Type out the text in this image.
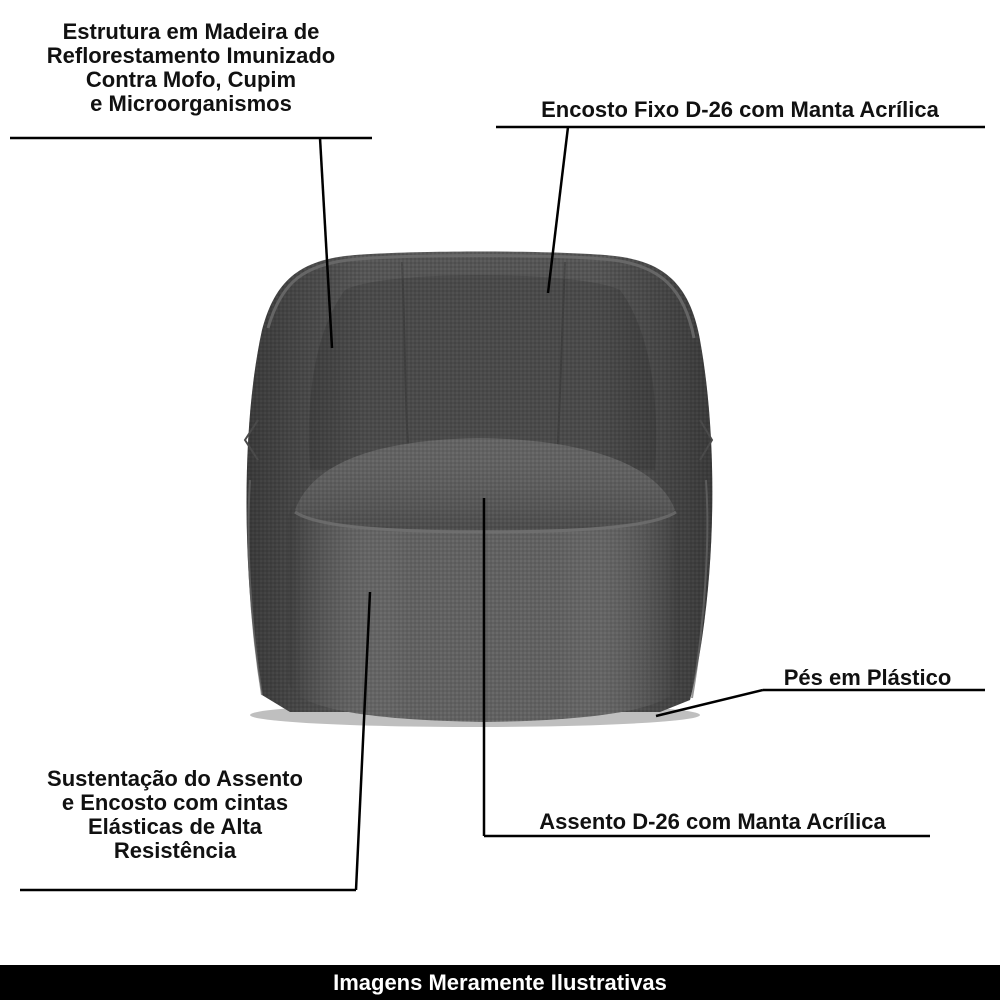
Estrutura em Madeira de
Reflorestamento Imunizado
Contra Mofo, Cupim
e Microorganismos	Encosto Fixo D-26 com Manta Acrílica
Pés em Plástico
Sustentação do Assento
e Encosto com cintas
Elásticas de Alta
Resistência
Assento D-26 com Manta Acrílica
Imagens Meramente Ilustrativas
